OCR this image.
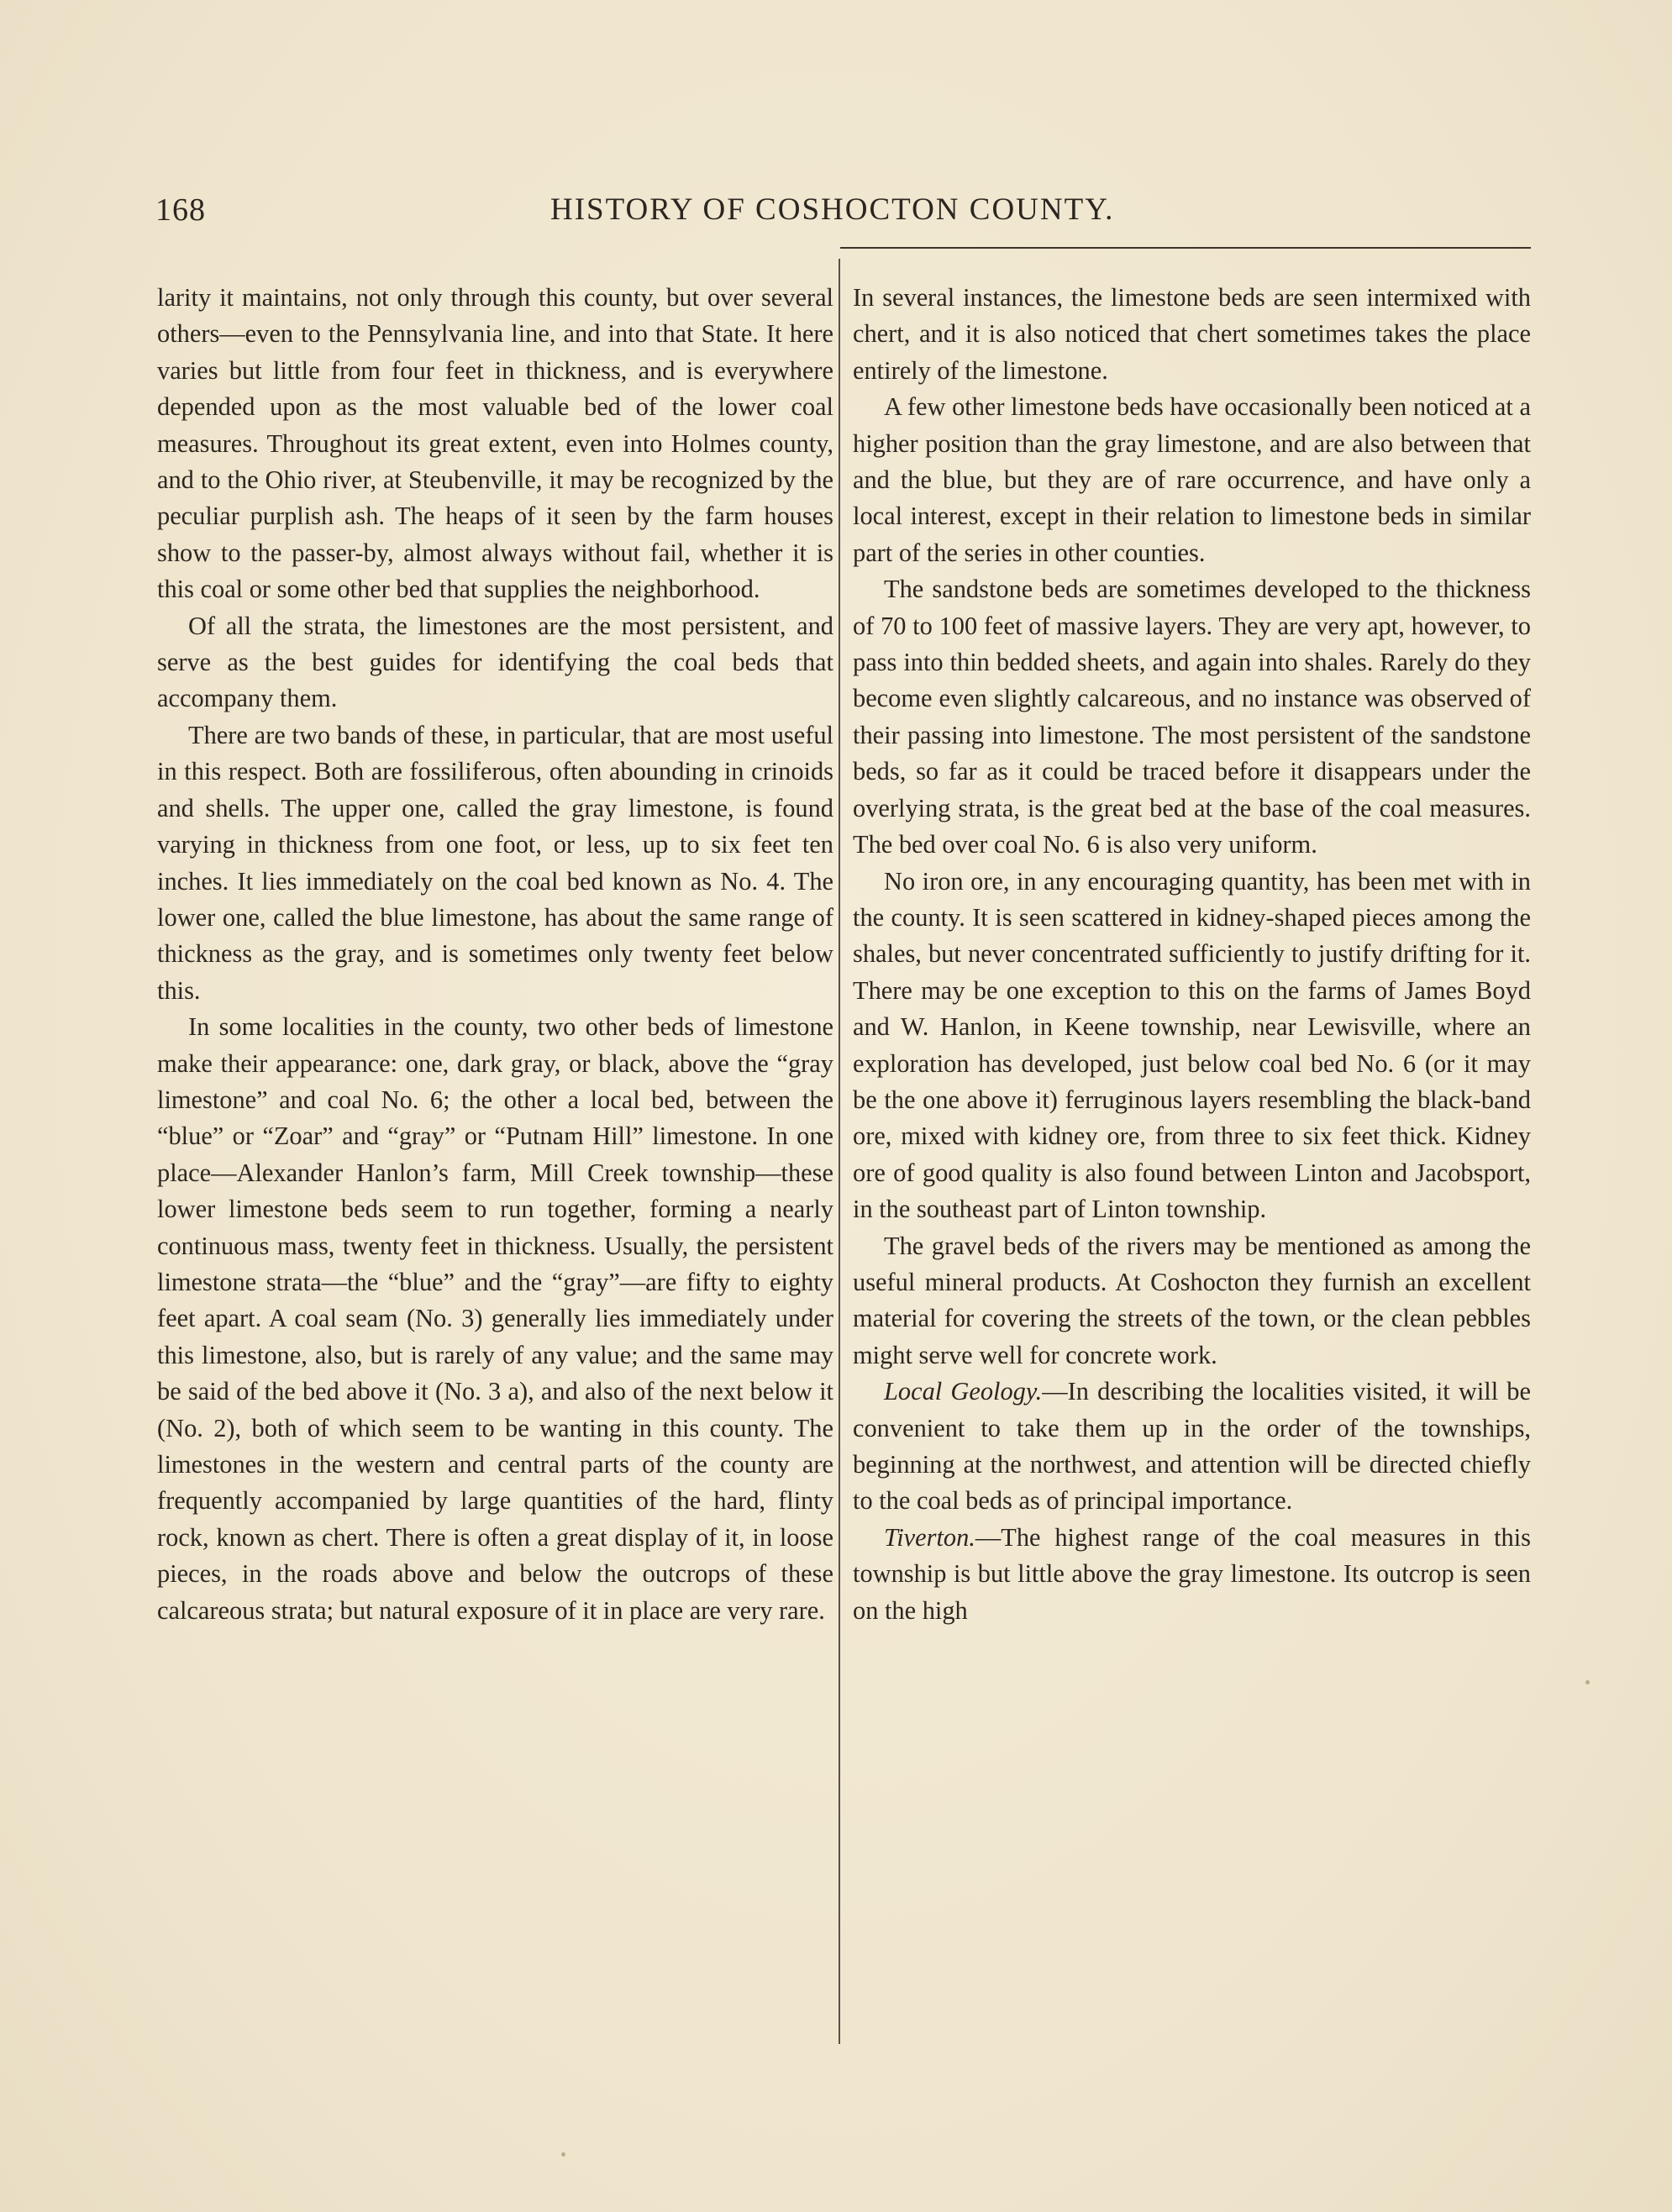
168	HISTORY OF COSHOCTON COUNTY.

larity it maintains, not only through this county, but over several others—even to the Pennsylvania line, and into that State. It here varies but little from four feet in thickness, and is everywhere depended upon as the most valuable bed of the lower coal measures. Throughout its great extent, even into Holmes county, and to the Ohio river, at Steubenville, it may be recognized by the peculiar purplish ash. The heaps of it seen by the farm houses show to the passer-by, almost always without fail, whether it is this coal or some other bed that supplies the neighborhood.

Of all the strata, the limestones are the most persistent, and serve as the best guides for identifying the coal beds that accompany them.

There are two bands of these, in particular, that are most useful in this respect. Both are fossiliferous, often abounding in crinoids and shells. The upper one, called the gray limestone, is found varying in thickness from one foot, or less, up to six feet ten inches. It lies immediately on the coal bed known as No. 4. The lower one, called the blue limestone, has about the same range of thickness as the gray, and is sometimes only twenty feet below this.

In some localities in the county, two other beds of limestone make their appearance: one, dark gray, or black, above the “gray limestone” and coal No. 6; the other a local bed, between the “blue” or “Zoar” and “gray” or “Putnam Hill” limestone. In one place—Alexander Hanlon’s farm, Mill Creek township—these lower limestone beds seem to run together, forming a nearly continuous mass, twenty feet in thickness. Usually, the persistent limestone strata—the “blue” and the “gray”—are fifty to eighty feet apart. A coal seam (No. 3) generally lies immediately under this limestone, also, but is rarely of any value; and the same may be said of the bed above it (No. 3 a), and also of the next below it (No. 2), both of which seem to be wanting in this county. The limestones in the western and central parts of the county are frequently accompanied by large quantities of the hard, flinty rock, known as chert. There is often a great display of it, in loose pieces, in the roads above and below the outcrops of these calcareous strata; but natural exposure of it in place are very rare.

In several instances, the limestone beds are seen intermixed with chert, and it is also noticed that chert sometimes takes the place entirely of the limestone.

A few other limestone beds have occasionally been noticed at a higher position than the gray limestone, and are also between that and the blue, but they are of rare occurrence, and have only a local interest, except in their relation to limestone beds in similar part of the series in other counties.

The sandstone beds are sometimes developed to the thickness of 70 to 100 feet of massive layers. They are very apt, however, to pass into thin bedded sheets, and again into shales. Rarely do they become even slightly calcareous, and no instance was observed of their passing into limestone. The most persistent of the sandstone beds, so far as it could be traced before it disappears under the overlying strata, is the great bed at the base of the coal measures. The bed over coal No. 6 is also very uniform.

No iron ore, in any encouraging quantity, has been met with in the county. It is seen scattered in kidney-shaped pieces among the shales, but never concentrated sufficiently to justify drifting for it. There may be one exception to this on the farms of James Boyd and W. Hanlon, in Keene township, near Lewisville, where an exploration has developed, just below coal bed No. 6 (or it may be the one above it) ferruginous layers resembling the black-band ore, mixed with kidney ore, from three to six feet thick. Kidney ore of good quality is also found between Linton and Jacobsport, in the southeast part of Linton township.

The gravel beds of the rivers may be mentioned as among the useful mineral products. At Coshocton they furnish an excellent material for covering the streets of the town, or the clean pebbles might serve well for concrete work.

Local Geology.—In describing the localities visited, it will be convenient to take them up in the order of the townships, beginning at the northwest, and attention will be directed chiefly to the coal beds as of principal importance.

Tiverton.—The highest range of the coal measures in this township is but little above the gray limestone. Its outcrop is seen on the high
